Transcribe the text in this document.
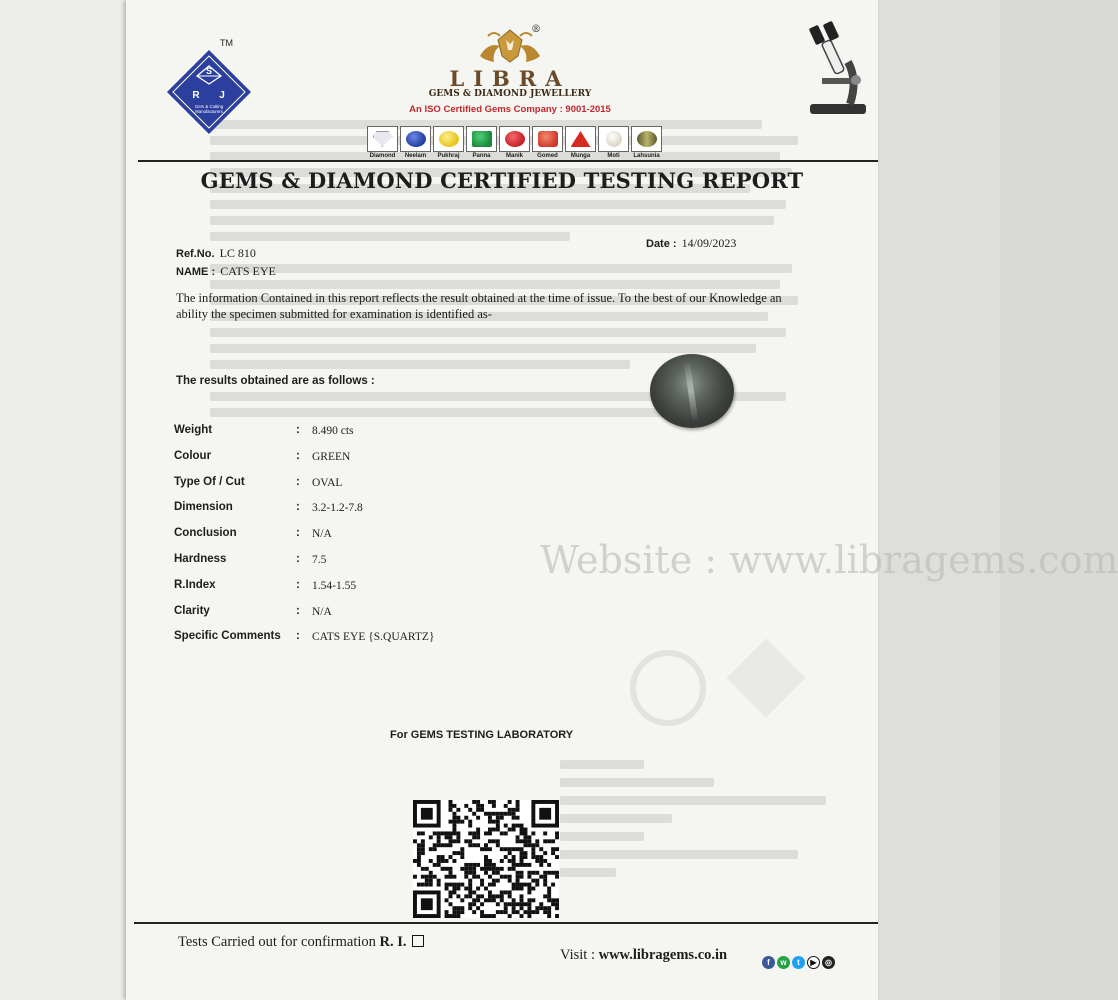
Website : www.libragems.com
S
R J
Gem & Cutting
Manufacturers
TM
®
LIBRA
GEMS & DIAMOND JEWELLERY
An ISO Certified Gems Company : 9001-2015
Diamond	Neelam	Pukhraj	Panna	Manik	Gomed	Munga	Moti	Lahsunia
GEMS & DIAMOND CERTIFIED TESTING REPORT
Date : 14/09/2023
Ref.No. LC 810
NAME : CATS EYE
The information Contained in this report reflects the result obtained at the time of issue. To the best of our Knowledge an ability the specimen submitted for examination is identified as-
The results obtained are as follows :
Weight	: 8.490 cts
Colour	: GREEN
Type Of / Cut	: OVAL
Dimension	: 3.2-1.2-7.8
Conclusion	: N/A
Hardness	: 7.5
R.Index	: 1.54-1.55
Clarity	: N/A
Specific Comments : CATS EYE {S.QUARTZ}
For GEMS TESTING LABORATORY
Tests Carried out for confirmation R. I.
Visit : www.libragems.co.in	f	w	t	▶	◎
